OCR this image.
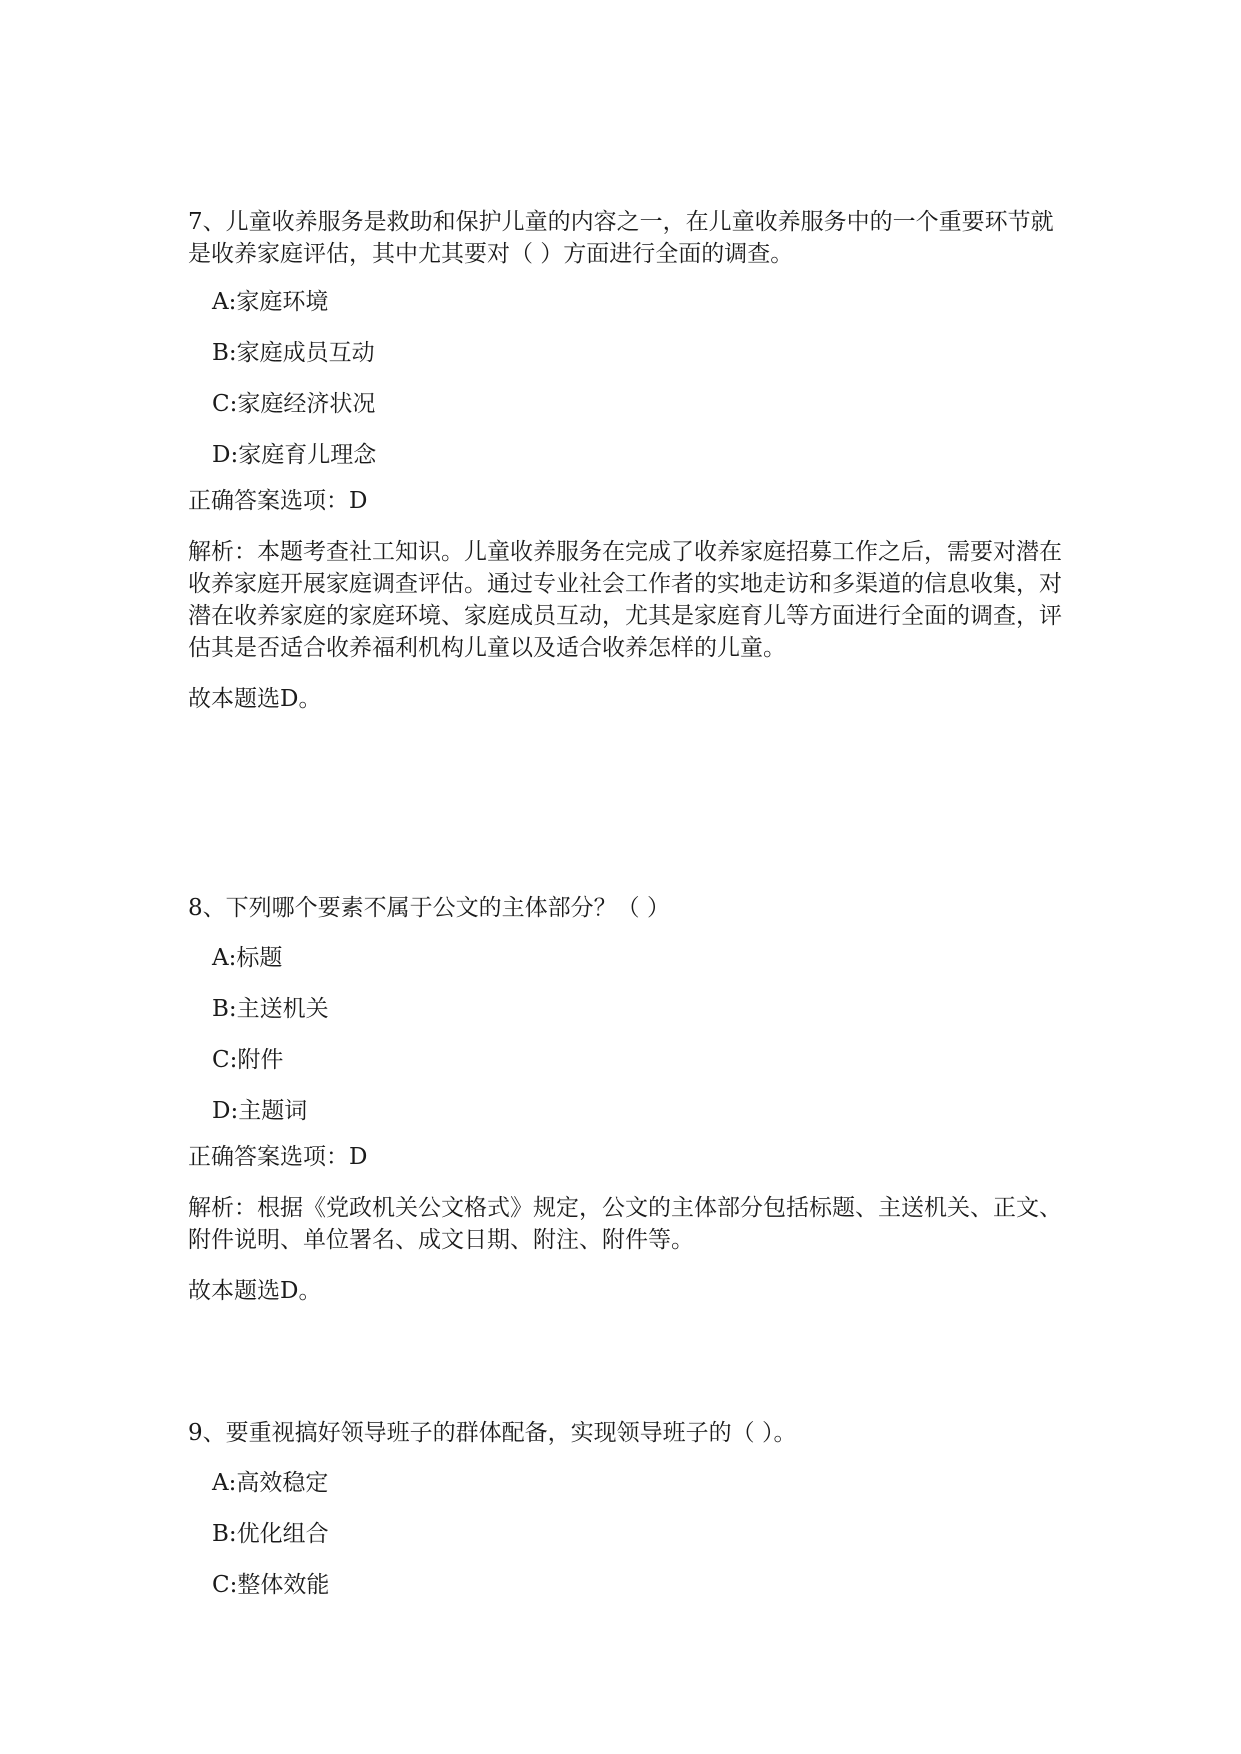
7、儿童收养服务是救助和保护儿童的内容之一，在儿童收养服务中的一个重要环节就是收养家庭评估，其中尤其要对（ ）方面进行全面的调查。

A:家庭环境

B:家庭成员互动

C:家庭经济状况

D:家庭育儿理念

正确答案选项：D

解析：本题考查社工知识。儿童收养服务在完成了收养家庭招募工作之后，需要对潜在收养家庭开展家庭调查评估。通过专业社会工作者的实地走访和多渠道的信息收集，对潜在收养家庭的家庭环境、家庭成员互动，尤其是家庭育儿等方面进行全面的调查，评估其是否适合收养福利机构儿童以及适合收养怎样的儿童。

故本题选D。

8、下列哪个要素不属于公文的主体部分？（ ）

A:标题

B:主送机关

C:附件

D:主题词

正确答案选项：D

解析：根据《党政机关公文格式》规定，公文的主体部分包括标题、主送机关、正文、附件说明、单位署名、成文日期、附注、附件等。

故本题选D。

9、要重视搞好领导班子的群体配备，实现领导班子的（ ）。

A:高效稳定

B:优化组合

C:整体效能
